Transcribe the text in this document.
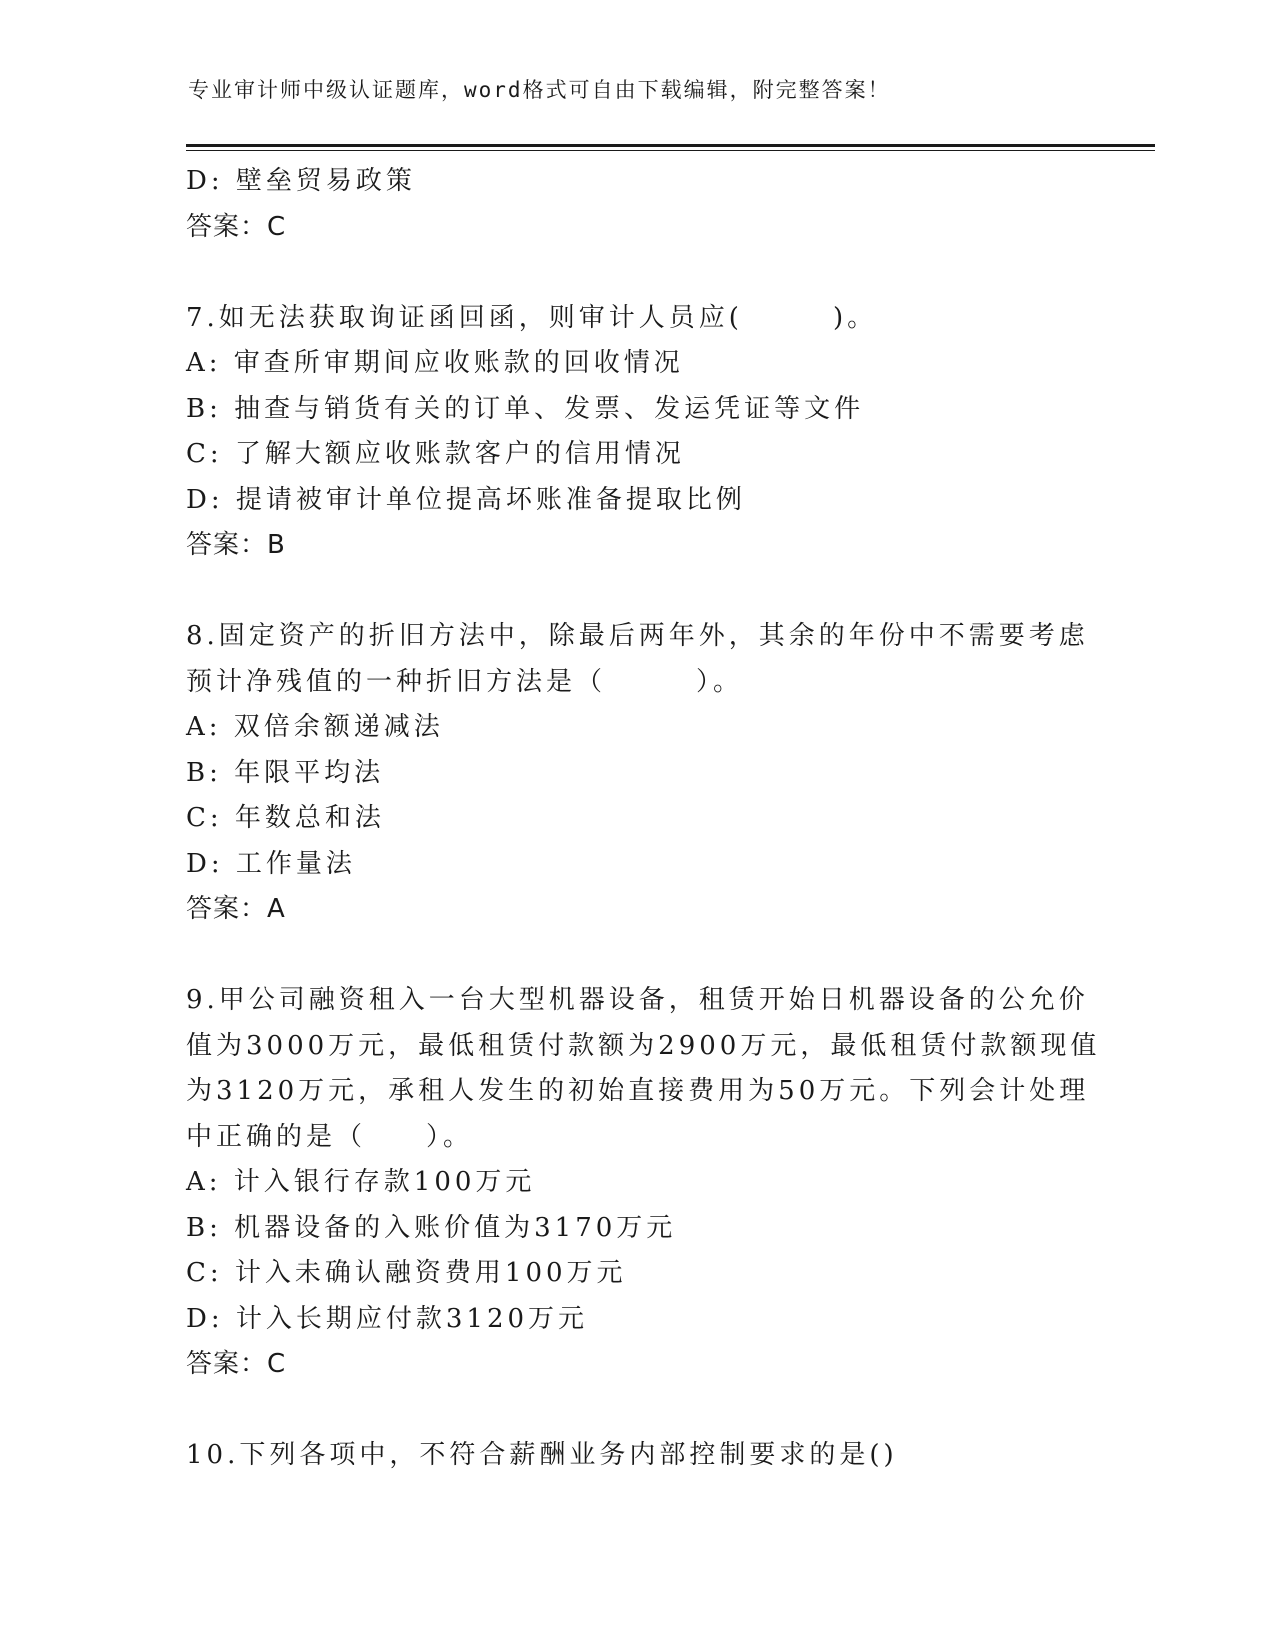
专业审计师中级认证题库，word格式可自由下载编辑，附完整答案！
D: 壁垒贸易政策
答案：C
7.如无法获取询证函回函，则审计人员应(　　　)。
A: 审查所审期间应收账款的回收情况
B: 抽查与销货有关的订单、发票、发运凭证等文件
C: 了解大额应收账款客户的信用情况
D: 提请被审计单位提高坏账准备提取比例
答案：B
8.固定资产的折旧方法中，除最后两年外，其余的年份中不需要考虑
预计净残值的一种折旧方法是（　　　）。
A: 双倍余额递减法
B: 年限平均法
C: 年数总和法
D: 工作量法
答案：A
9.甲公司融资租入一台大型机器设备，租赁开始日机器设备的公允价
值为3000万元，最低租赁付款额为2900万元，最低租赁付款额现值
为3120万元，承租人发生的初始直接费用为50万元。下列会计处理
中正确的是（　　）。
A: 计入银行存款100万元
B: 机器设备的入账价值为3170万元
C: 计入未确认融资费用100万元
D: 计入长期应付款3120万元
答案：C
10.下列各项中，不符合薪酬业务内部控制要求的是()
